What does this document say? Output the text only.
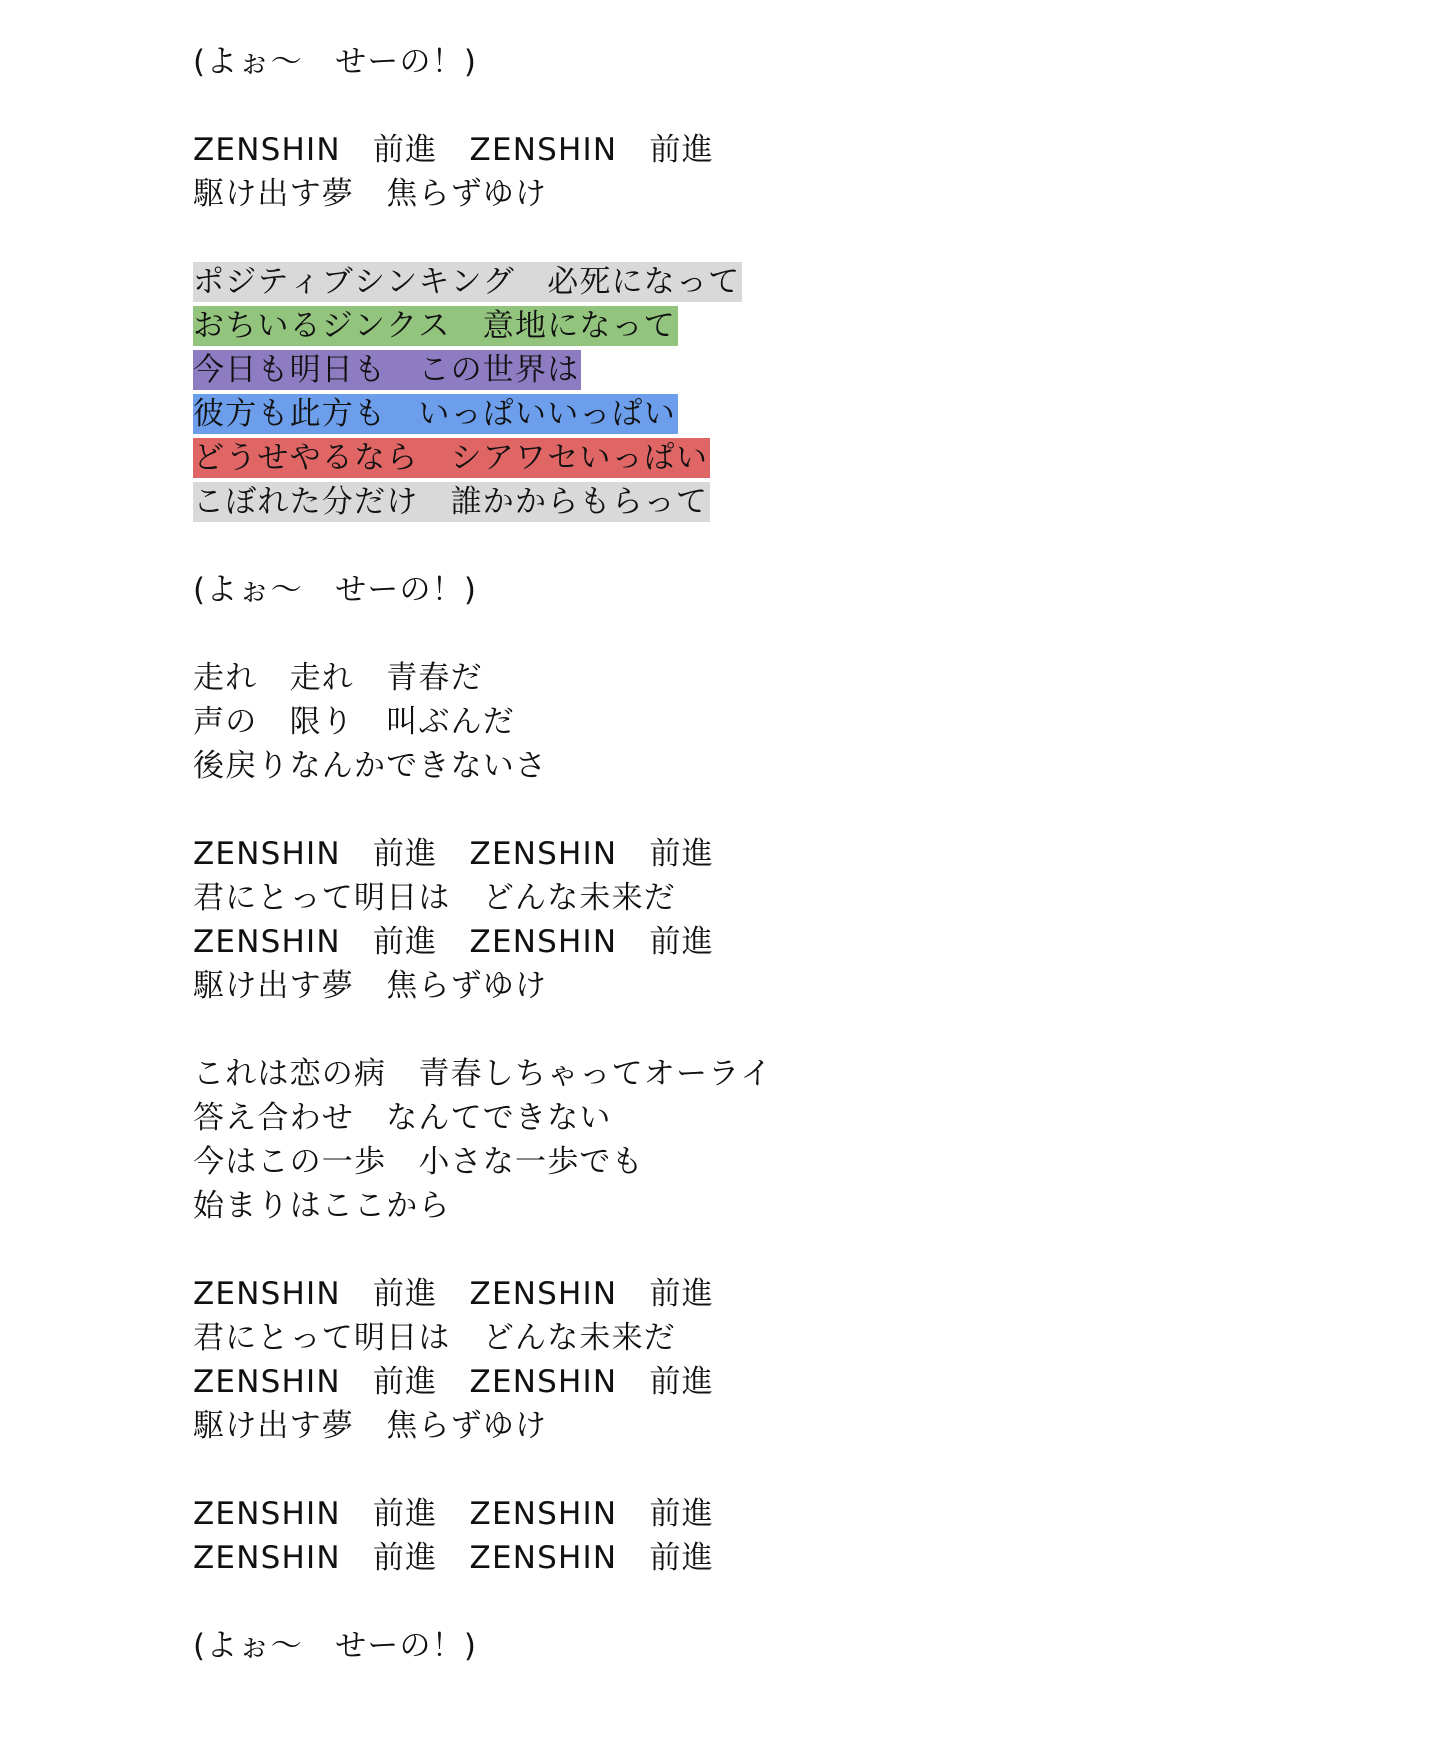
(よぉ～　せーの！)
ZENSHIN　前進　ZENSHIN　前進
駆け出す夢　焦らずゆけ
ポジティブシンキング　必死になって
おちいるジンクス　意地になって
今日も明日も　この世界は
彼方も此方も　いっぱいいっぱい
どうせやるなら　シアワセいっぱい
こぼれた分だけ　誰かからもらって
(よぉ～　せーの！)
走れ　走れ　青春だ
声の　限り　叫ぶんだ
後戻りなんかできないさ
ZENSHIN　前進　ZENSHIN　前進
君にとって明日は　どんな未来だ
ZENSHIN　前進　ZENSHIN　前進
駆け出す夢　焦らずゆけ
これは恋の病　青春しちゃってオーライ
答え合わせ　なんてできない
今はこの一歩　小さな一歩でも
始まりはここから
ZENSHIN　前進　ZENSHIN　前進
君にとって明日は　どんな未来だ
ZENSHIN　前進　ZENSHIN　前進
駆け出す夢　焦らずゆけ
ZENSHIN　前進　ZENSHIN　前進
ZENSHIN　前進　ZENSHIN　前進
(よぉ～　せーの！)
